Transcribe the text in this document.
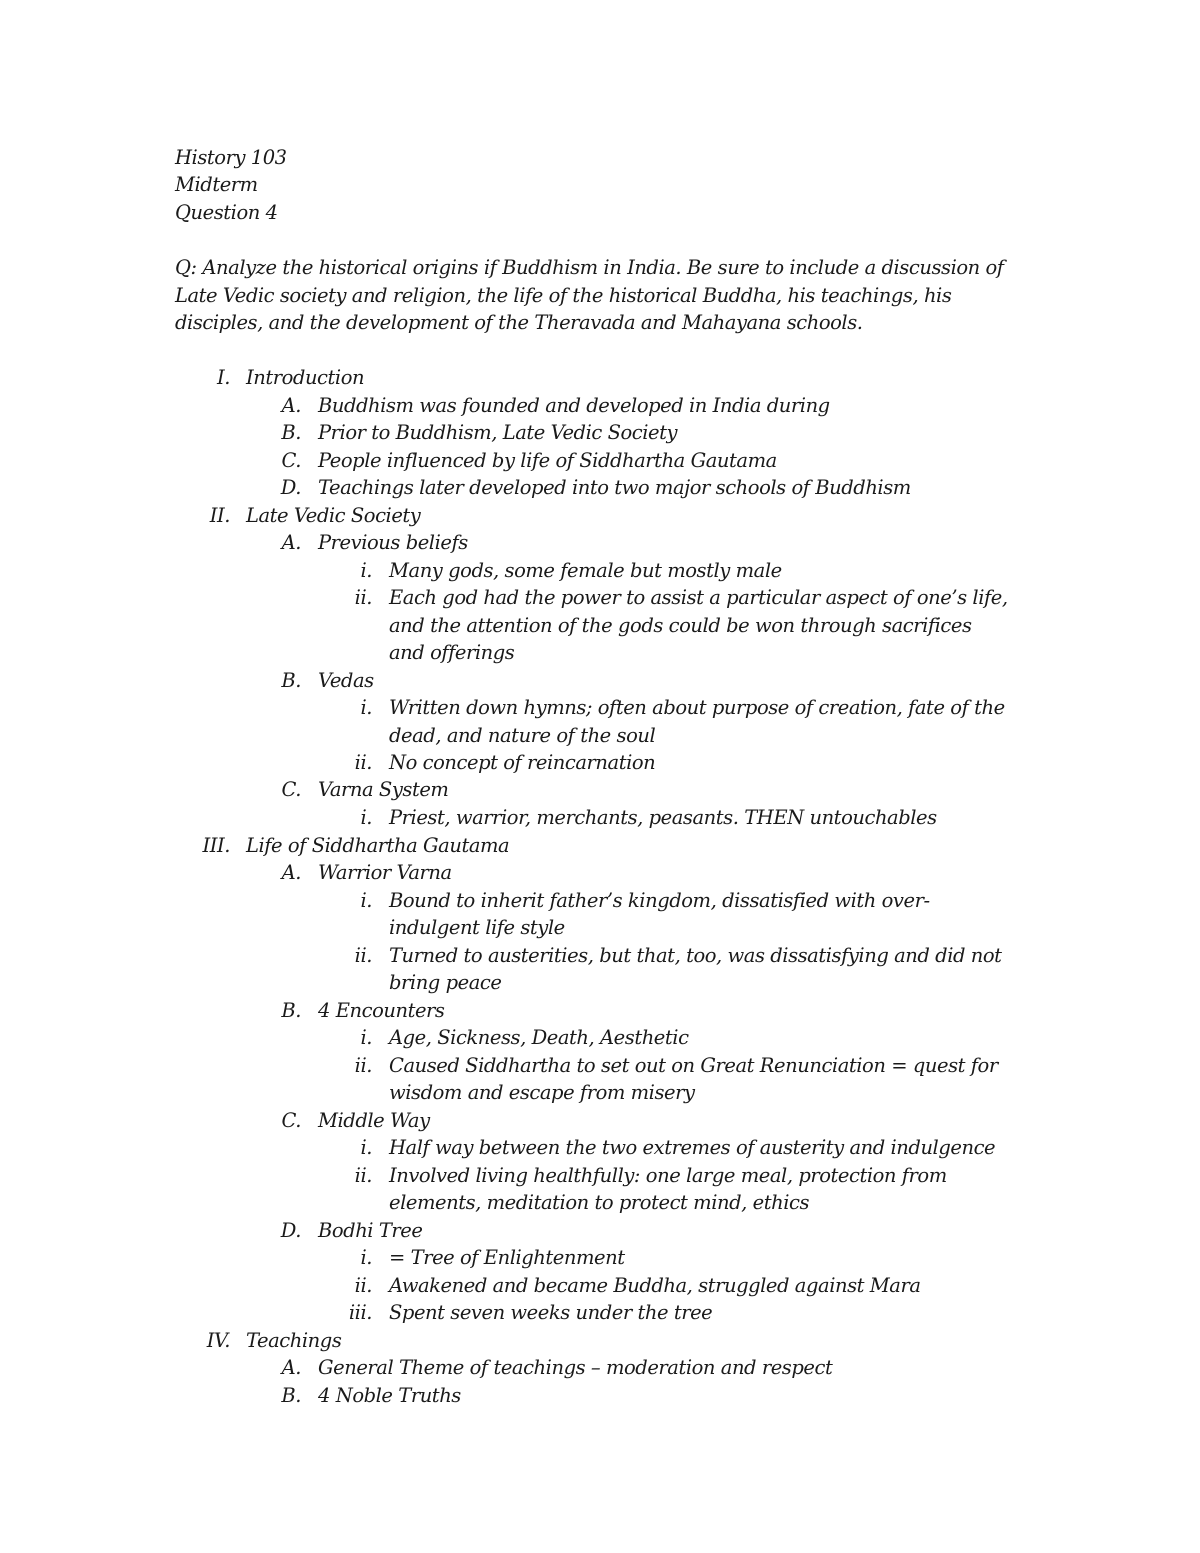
History 103
Midterm
Question 4
Q: Analyze the historical origins if Buddhism in India. Be sure to include a discussion of
Late Vedic society and religion, the life of the historical Buddha, his teachings, his
disciples, and the development of the Theravada and Mahayana schools.
I. Introduction
A. Buddhism was founded and developed in India during
B. Prior to Buddhism, Late Vedic Society
C. People influenced by life of Siddhartha Gautama
D. Teachings later developed into two major schools of Buddhism
II. Late Vedic Society
A. Previous beliefs
i. Many gods, some female but mostly male
ii. Each god had the power to assist a particular aspect of one’s life,
and the attention of the gods could be won through sacrifices
and offerings
B. Vedas
i. Written down hymns; often about purpose of creation, fate of the
dead, and nature of the soul
ii. No concept of reincarnation
C. Varna System
i. Priest, warrior, merchants, peasants. THEN untouchables
III. Life of Siddhartha Gautama
A. Warrior Varna
i. Bound to inherit father’s kingdom, dissatisfied with over-
indulgent life style
ii. Turned to austerities, but that, too, was dissatisfying and did not
bring peace
B. 4 Encounters
i. Age, Sickness, Death, Aesthetic
ii. Caused Siddhartha to set out on Great Renunciation = quest for
wisdom and escape from misery
C. Middle Way
i. Half way between the two extremes of austerity and indulgence
ii. Involved living healthfully: one large meal, protection from
elements, meditation to protect mind, ethics
D. Bodhi Tree
i. = Tree of Enlightenment
ii. Awakened and became Buddha, struggled against Mara
iii. Spent seven weeks under the tree
IV. Teachings
A. General Theme of teachings – moderation and respect
B. 4 Noble Truths
